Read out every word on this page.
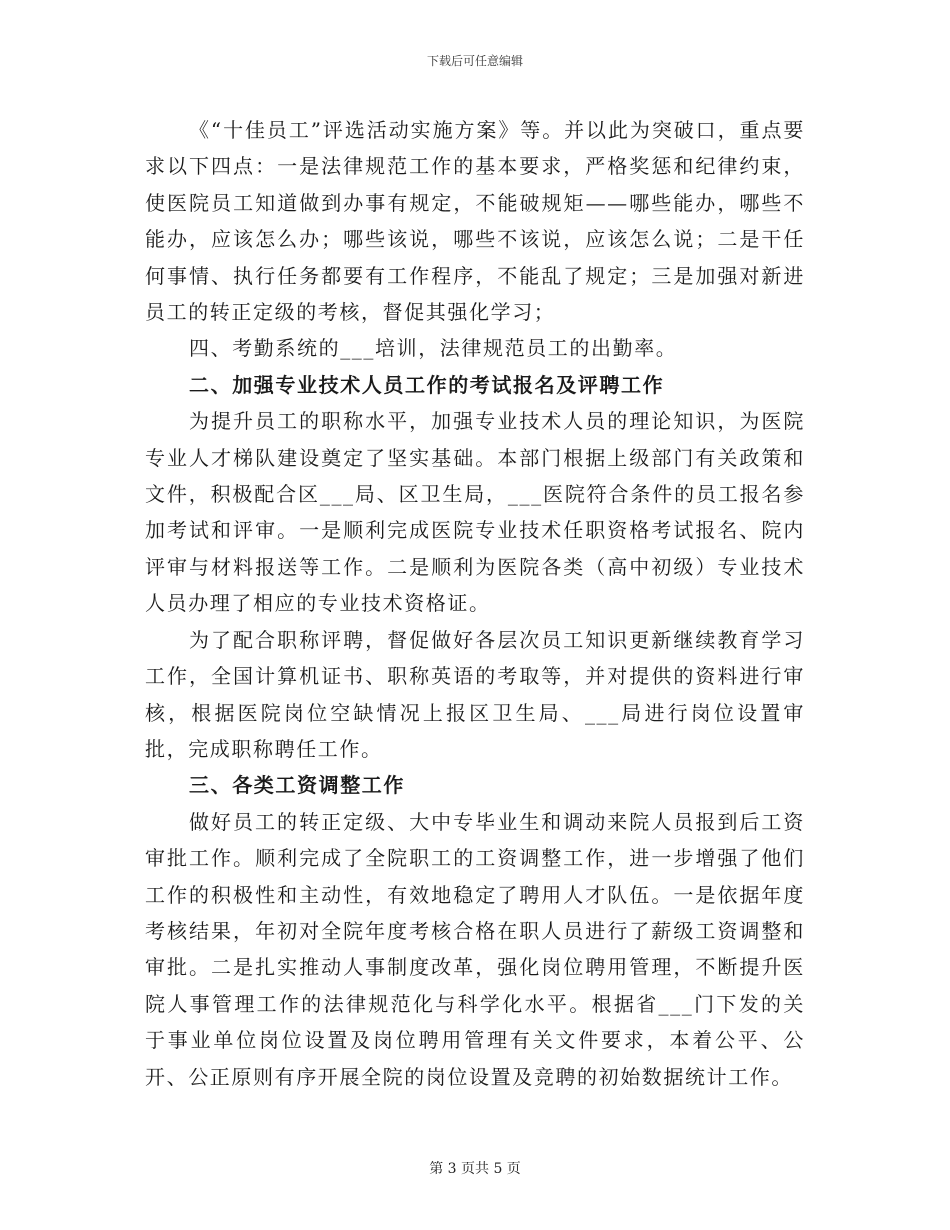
下载后可任意编辑

《“十佳员工”评选活动实施方案》等。并以此为突破口，重点要求以下四点：一是法律规范工作的基本要求，严格奖惩和纪律约束，使医院员工知道做到办事有规定，不能破规矩——哪些能办，哪些不能办，应该怎么办；哪些该说，哪些不该说，应该怎么说；二是干任何事情、执行任务都要有工作程序，不能乱了规定；三是加强对新进员工的转正定级的考核，督促其强化学习；

四、考勤系统的___培训，法律规范员工的出勤率。

二、加强专业技术人员工作的考试报名及评聘工作

为提升员工的职称水平，加强专业技术人员的理论知识，为医院专业人才梯队建设奠定了坚实基础。本部门根据上级部门有关政策和文件，积极配合区___局、区卫生局，___医院符合条件的员工报名参加考试和评审。一是顺利完成医院专业技术任职资格考试报名、院内评审与材料报送等工作。二是顺利为医院各类（高中初级）专业技术人员办理了相应的专业技术资格证。

为了配合职称评聘，督促做好各层次员工知识更新继续教育学习工作，全国计算机证书、职称英语的考取等，并对提供的资料进行审核，根据医院岗位空缺情况上报区卫生局、___局进行岗位设置审批，完成职称聘任工作。

三、各类工资调整工作

做好员工的转正定级、大中专毕业生和调动来院人员报到后工资审批工作。顺利完成了全院职工的工资调整工作，进一步增强了他们工作的积极性和主动性，有效地稳定了聘用人才队伍。一是依据年度考核结果，年初对全院年度考核合格在职人员进行了薪级工资调整和审批。二是扎实推动人事制度改革，强化岗位聘用管理，不断提升医院人事管理工作的法律规范化与科学化水平。根据省___门下发的关于事业单位岗位设置及岗位聘用管理有关文件要求，本着公平、公开、公正原则有序开展全院的岗位设置及竞聘的初始数据统计工作。

第 3 页共 5 页
